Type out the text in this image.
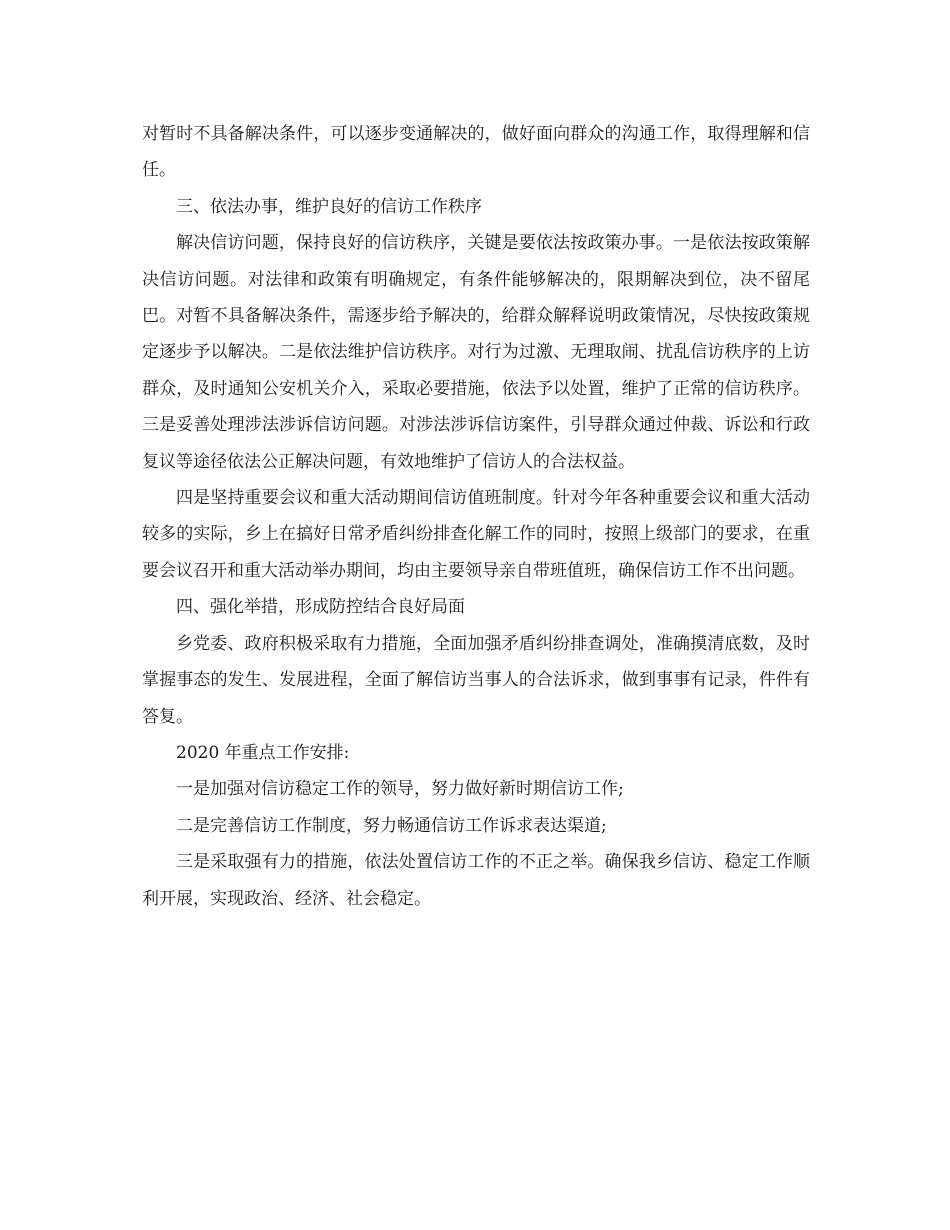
对暂时不具备解决条件，可以逐步变通解决的，做好面向群众的沟通工作，取得理解和信任。

三、依法办事，维护良好的信访工作秩序

解决信访问题，保持良好的信访秩序，关键是要依法按政策办事。一是依法按政策解决信访问题。对法律和政策有明确规定，有条件能够解决的，限期解决到位，决不留尾巴。对暂不具备解决条件，需逐步给予解决的，给群众解释说明政策情况，尽快按政策规定逐步予以解决。二是依法维护信访秩序。对行为过激、无理取闹、扰乱信访秩序的上访群众，及时通知公安机关介入，采取必要措施，依法予以处置，维护了正常的信访秩序。三是妥善处理涉法涉诉信访问题。对涉法涉诉信访案件，引导群众通过仲裁、诉讼和行政复议等途径依法公正解决问题，有效地维护了信访人的合法权益。

四是坚持重要会议和重大活动期间信访值班制度。针对今年各种重要会议和重大活动较多的实际，乡上在搞好日常矛盾纠纷排查化解工作的同时，按照上级部门的要求，在重要会议召开和重大活动举办期间，均由主要领导亲自带班值班，确保信访工作不出问题。

四、强化举措，形成防控结合良好局面

乡党委、政府积极采取有力措施，全面加强矛盾纠纷排查调处，准确摸清底数，及时掌握事态的发生、发展进程，全面了解信访当事人的合法诉求，做到事事有记录，件件有答复。

2020 年重点工作安排:

一是加强对信访稳定工作的领导，努力做好新时期信访工作;

二是完善信访工作制度，努力畅通信访工作诉求表达渠道;

三是采取强有力的措施，依法处置信访工作的不正之举。确保我乡信访、稳定工作顺利开展，实现政治、经济、社会稳定。
